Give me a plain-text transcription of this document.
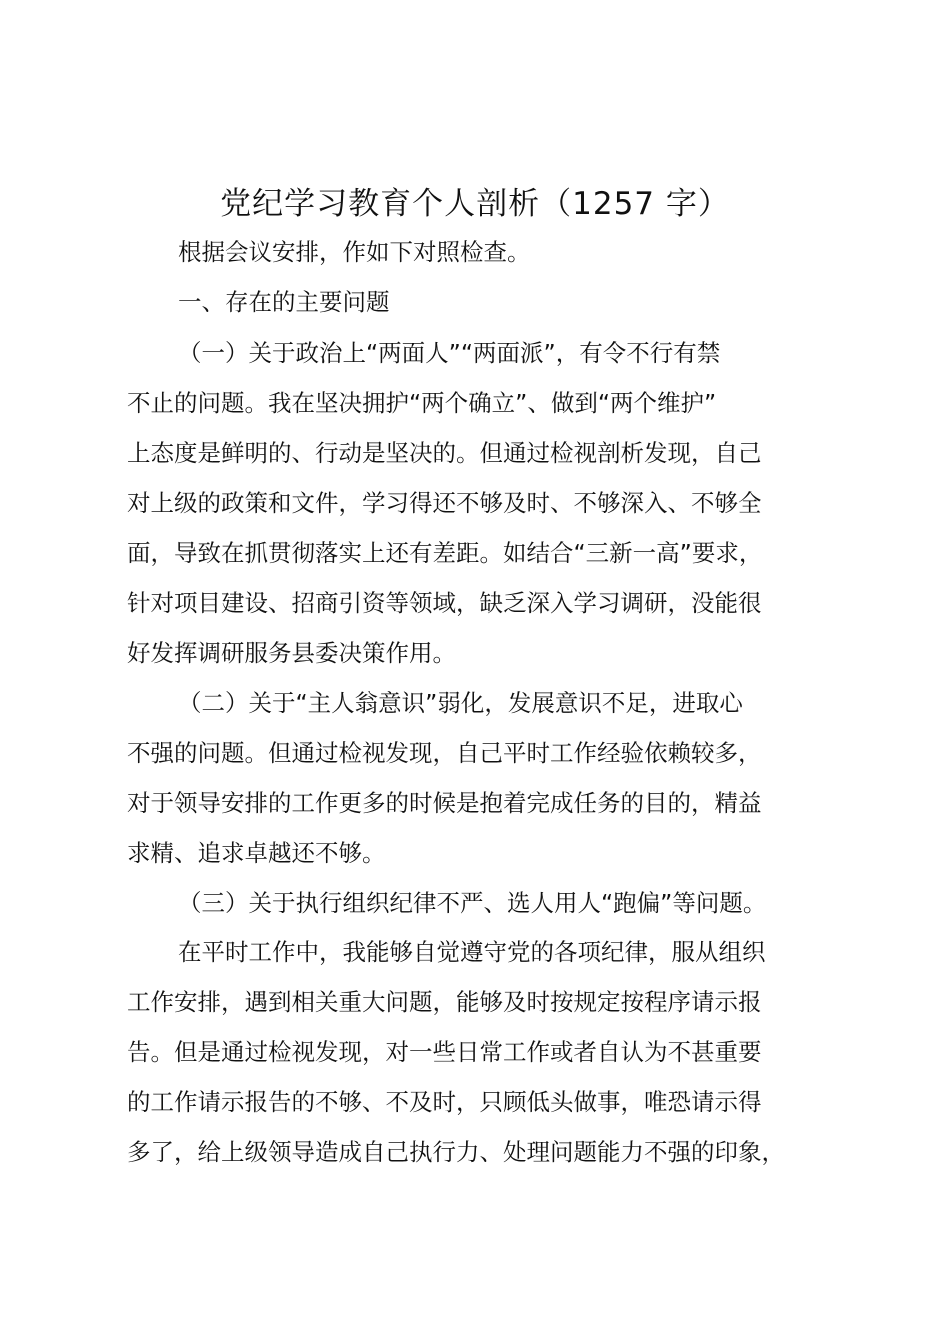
党纪学习教育个人剖析（1257 字）
根据会议安排，作如下对照检查。
一、存在的主要问题
（一）关于政治上“两面人”“两面派”，有令不行有禁
不止的问题。我在坚决拥护“两个确立”、做到“两个维护”
上态度是鲜明的、行动是坚决的。但通过检视剖析发现，自己
对上级的政策和文件，学习得还不够及时、不够深入、不够全
面，导致在抓贯彻落实上还有差距。如结合“三新一高”要求，
针对项目建设、招商引资等领域，缺乏深入学习调研，没能很
好发挥调研服务县委决策作用。
（二）关于“主人翁意识”弱化，发展意识不足，进取心
不强的问题。但通过检视发现，自己平时工作经验依赖较多，
对于领导安排的工作更多的时候是抱着完成任务的目的，精益
求精、追求卓越还不够。
（三）关于执行组织纪律不严、选人用人“跑偏”等问题。
在平时工作中，我能够自觉遵守党的各项纪律，服从组织
工作安排，遇到相关重大问题，能够及时按规定按程序请示报
告。但是通过检视发现，对一些日常工作或者自认为不甚重要
的工作请示报告的不够、不及时，只顾低头做事，唯恐请示得
多了，给上级领导造成自己执行力、处理问题能力不强的印象，
